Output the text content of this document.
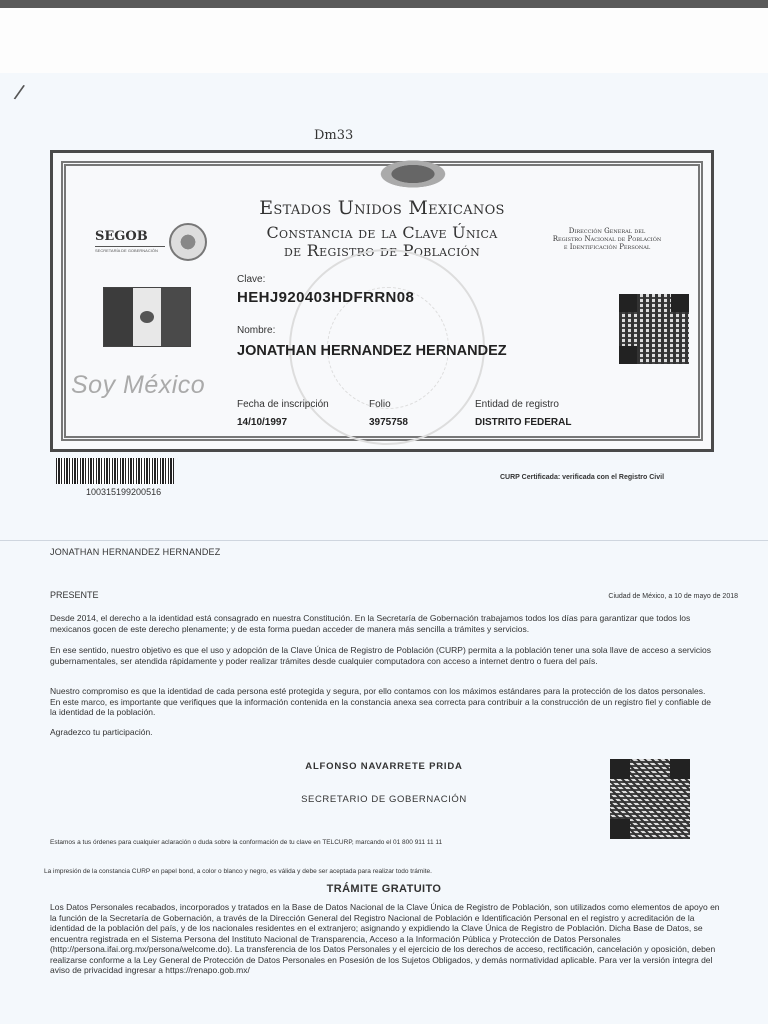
/
Dm33
Estados Unidos Mexicanos
Constancia de la Clave Única
de Registro de Población
SEGOB
SECRETARÍA DE GOBERNACIÓN
Dirección General del
Registro Nacional de Población
e Identificación Personal
Soy México
Clave:
HEHJ920403HDFRRN08
Nombre:
JONATHAN HERNANDEZ HERNANDEZ
Fecha de inscripción
14/10/1997
Folio
3975758
Entidad de registro
DISTRITO FEDERAL
100315199200516
CURP Certificada: verificada con el Registro Civil
JONATHAN HERNANDEZ HERNANDEZ
PRESENTE	Ciudad de México, a 10 de mayo de 2018
Desde 2014, el derecho a la identidad está consagrado en nuestra Constitución. En la Secretaría de Gobernación trabajamos todos los días para garantizar que todos los mexicanos gocen de este derecho plenamente; y de esta forma puedan acceder de manera más sencilla a trámites y servicios.
En ese sentido, nuestro objetivo es que el uso y adopción de la Clave Única de Registro de Población (CURP) permita a la población tener una sola llave de acceso a servicios gubernamentales, ser atendida rápidamente y poder realizar trámites desde cualquier computadora con acceso a internet dentro o fuera del país.
Nuestro compromiso es que la identidad de cada persona esté protegida y segura, por ello contamos con los máximos estándares para la protección de los datos personales. En este marco, es importante que verifiques que la información contenida en la constancia anexa sea correcta para contribuir a la construcción de un registro fiel y confiable de la identidad de la población.
Agradezco tu participación.
ALFONSO NAVARRETE PRIDA
SECRETARIO DE GOBERNACIÓN
Estamos a tus órdenes para cualquier aclaración o duda sobre la conformación de tu clave en TELCURP, marcando el 01 800 911 11 11
La impresión de la constancia CURP en papel bond, a color o blanco y negro, es válida y debe ser aceptada para realizar todo trámite.
TRÁMITE GRATUITO
Los Datos Personales recabados, incorporados y tratados en la Base de Datos Nacional de la Clave Única de Registro de Población, son utilizados como elementos de apoyo en la función de la Secretaría de Gobernación, a través de la Dirección General del Registro Nacional de Población e Identificación Personal en el registro y acreditación de la identidad de la población del país, y de los nacionales residentes en el extranjero; asignando y expidiendo la Clave Única de Registro de Población. Dicha Base de Datos, se encuentra registrada en el Sistema Persona del Instituto Nacional de Transparencia, Acceso a la Información Pública y Protección de Datos Personales (http://persona.ifai.org.mx/persona/welcome.do). La transferencia de los Datos Personales y el ejercicio de los derechos de acceso, rectificación, cancelación y oposición, deben realizarse conforme a la Ley General de Protección de Datos Personales en Posesión de los Sujetos Obligados, y demás normatividad aplicable. Para ver la versión íntegra del aviso de privacidad ingresar a https://renapo.gob.mx/
